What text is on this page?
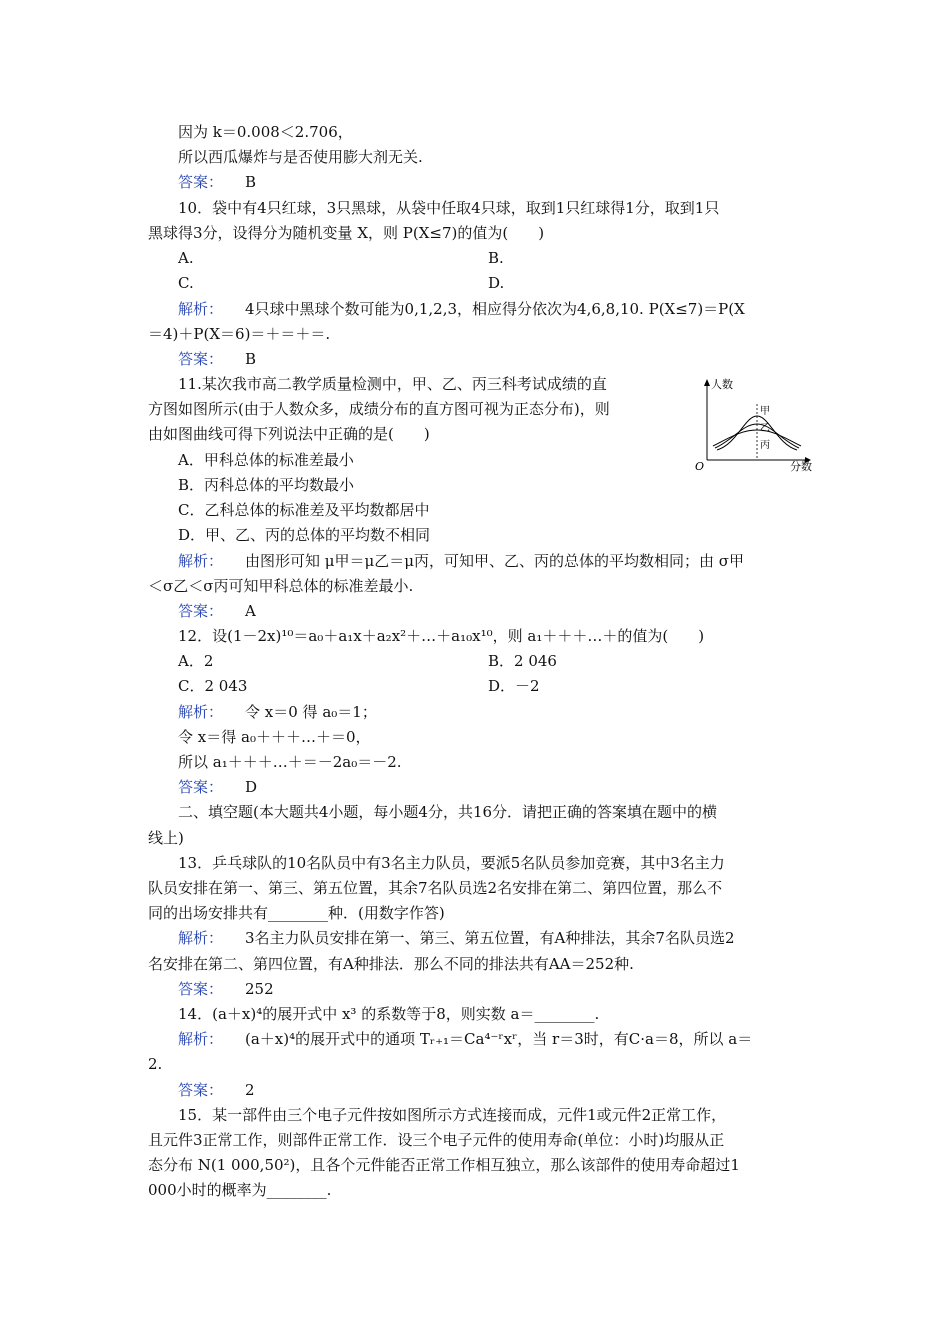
因为 k＝0.008＜2.706，
所以西瓜爆炸与是否使用膨大剂无关.
答案： B
10．袋中有4只红球，3只黑球，从袋中任取4只球，取到1只红球得1分，取到1只
黑球得3分，设得分为随机变量 X，则 P(X≤7)的值为(　　)
A.	B.
C.	D.
解析： 4只球中黑球个数可能为0,1,2,3，相应得分依次为4,6,8,10. P(X≤7)＝P(X
＝4)＋P(X＝6)＝＋＝＋＝.
答案： B
11.某次我市高二教学质量检测中，甲、乙、丙三科考试成绩的直
方图如图所示(由于人数众多，成绩分布的直方图可视为正态分布)，则
由如图曲线可得下列说法中正确的是(　　)
A．甲科总体的标准差最小
B．丙科总体的平均数最小
C．乙科总体的标准差及平均数都居中
D．甲、乙、丙的总体的平均数不相同
解析： 由图形可知 μ甲＝μ乙＝μ丙，可知甲、乙、丙的总体的平均数相同；由 σ甲
＜σ乙＜σ丙可知甲科总体的标准差最小.
答案： A
人数
分数
O
甲
乙
丙
12．设(1－2x)¹⁰＝a₀＋a₁x＋a₂x²＋…＋a₁₀x¹⁰，则 a₁＋＋＋…＋的值为(　　)
A．2	B．2 046
C．2 043	D．－2
解析： 令 x＝0 得 a₀＝1；
令 x＝得 a₀＋＋＋…＋＝0，
所以 a₁＋＋＋…＋＝－2a₀＝－2.
答案： D
二、填空题(本大题共4小题，每小题4分，共16分．请把正确的答案填在题中的横
线上)
13．乒乓球队的10名队员中有3名主力队员，要派5名队员参加竞赛，其中3名主力
队员安排在第一、第三、第五位置，其余7名队员选2名安排在第二、第四位置，那么不
同的出场安排共有________种．(用数字作答)
解析： 3名主力队员安排在第一、第三、第五位置，有A种排法，其余7名队员选2
名安排在第二、第四位置，有A种排法．那么不同的排法共有AA＝252种.
答案： 252
14．(a＋x)⁴的展开式中 x³ 的系数等于8，则实数 a＝________.
解析： (a＋x)⁴的展开式中的通项 Tᵣ₊₁＝Ca⁴⁻ʳxʳ，当 r＝3时，有C·a＝8，所以 a＝
2.
答案： 2
15．某一部件由三个电子元件按如图所示方式连接而成，元件1或元件2正常工作，
且元件3正常工作，则部件正常工作．设三个电子元件的使用寿命(单位：小时)均服从正
态分布 N(1 000,50²)，且各个元件能否正常工作相互独立，那么该部件的使用寿命超过1
000小时的概率为________.
